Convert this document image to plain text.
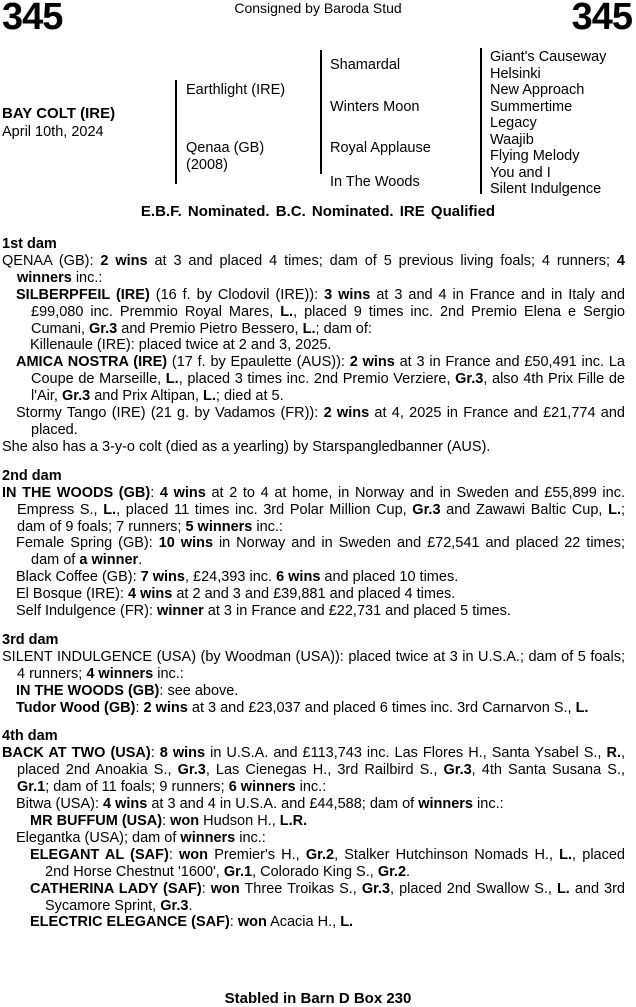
345	Consigned by Baroda Stud	345
BAY COLT (IRE)
April 10th, 2024
Earthlight (IRE)
Qenaa (GB)
(2008)
Shamardal
Winters Moon
Royal Applause
In The Woods
Giant's Causeway
Helsinki
New Approach
Summertime
Legacy
Waajib
Flying Melody
You and I
Silent Indulgence
E.B.F. Nominated. B.C. Nominated. IRE Qualified
1st dam
QENAA (GB): 2 wins at 3 and placed 4 times; dam of 5 previous living foals; 4 runners; 4 winners inc.:
SILBERPFEIL (IRE) (16 f. by Clodovil (IRE)): 3 wins at 3 and 4 in France and in Italy and £99,080 inc. Premmio Royal Mares, L., placed 9 times inc. 2nd Premio Elena e Sergio Cumani, Gr.3 and Premio Pietro Bessero, L.; dam of:
Killenaule (IRE): placed twice at 2 and 3, 2025.
AMICA NOSTRA (IRE) (17 f. by Epaulette (AUS)): 2 wins at 3 in France and £50,491 inc. La Coupe de Marseille, L., placed 3 times inc. 2nd Premio Verziere, Gr.3, also 4th Prix Fille de l'Air, Gr.3 and Prix Altipan, L.; died at 5.
Stormy Tango (IRE) (21 g. by Vadamos (FR)): 2 wins at 4, 2025 in France and £21,774 and placed.
She also has a 3-y-o colt (died as a yearling) by Starspangledbanner (AUS).
2nd dam
IN THE WOODS (GB): 4 wins at 2 to 4 at home, in Norway and in Sweden and £55,899 inc. Empress S., L., placed 11 times inc. 3rd Polar Million Cup, Gr.3 and Zawawi Baltic Cup, L.; dam of 9 foals; 7 runners; 5 winners inc.:
Female Spring (GB): 10 wins in Norway and in Sweden and £72,541 and placed 22 times; dam of a winner.
Black Coffee (GB): 7 wins, £24,393 inc. 6 wins and placed 10 times.
El Bosque (IRE): 4 wins at 2 and 3 and £39,881 and placed 4 times.
Self Indulgence (FR): winner at 3 in France and £22,731 and placed 5 times.
3rd dam
SILENT INDULGENCE (USA) (by Woodman (USA)): placed twice at 3 in U.S.A.; dam of 5 foals; 4 runners; 4 winners inc.:
IN THE WOODS (GB): see above.
Tudor Wood (GB): 2 wins at 3 and £23,037 and placed 6 times inc. 3rd Carnarvon S., L.
4th dam
BACK AT TWO (USA): 8 wins in U.S.A. and £113,743 inc. Las Flores H., Santa Ysabel S., R., placed 2nd Anoakia S., Gr.3, Las Cienegas H., 3rd Railbird S., Gr.3, 4th Santa Susana S., Gr.1; dam of 11 foals; 9 runners; 6 winners inc.:
Bitwa (USA): 4 wins at 3 and 4 in U.S.A. and £44,588; dam of winners inc.:
MR BUFFUM (USA): won Hudson H., L.R.
Elegantka (USA); dam of winners inc.:
ELEGANT AL (SAF): won Premier's H., Gr.2, Stalker Hutchinson Nomads H., L., placed 2nd Horse Chestnut '1600', Gr.1, Colorado King S., Gr.2.
CATHERINA LADY (SAF): won Three Troikas S., Gr.3, placed 2nd Swallow S., L. and 3rd Sycamore Sprint, Gr.3.
ELECTRIC ELEGANCE (SAF): won Acacia H., L.
Stabled in Barn D Box 230
